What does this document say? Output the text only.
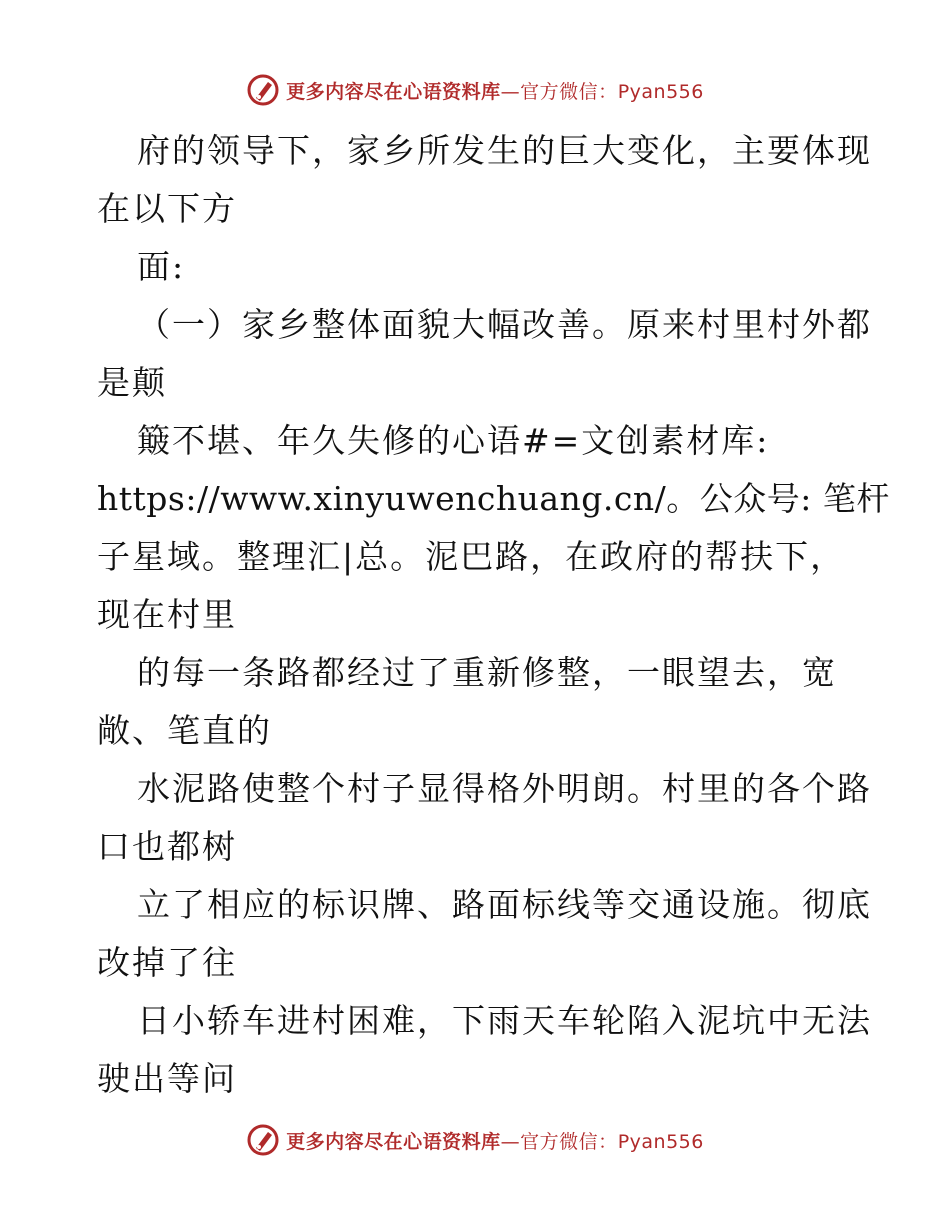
更多内容尽在心语资料库—官方微信：Pyan556
府的领导下，家乡所发生的巨大变化，主要体现
在以下方
面:
（一）家乡整体面貌大幅改善。原来村里村外都
是颠
簸不堪、年久失修的心语#=文创素材库:
https://www.xinyuwenchuang.cn/。公众号: 笔杆
子星域。整理汇|总。泥巴路，在政府的帮扶下，
现在村里
的每一条路都经过了重新修整，一眼望去，宽
敞、笔直的
水泥路使整个村子显得格外明朗。村里的各个路
口也都树
立了相应的标识牌、路面标线等交通设施。彻底
改掉了往
日小轿车进村困难，下雨天车轮陷入泥坑中无法
驶出等问
更多内容尽在心语资料库—官方微信：Pyan556
